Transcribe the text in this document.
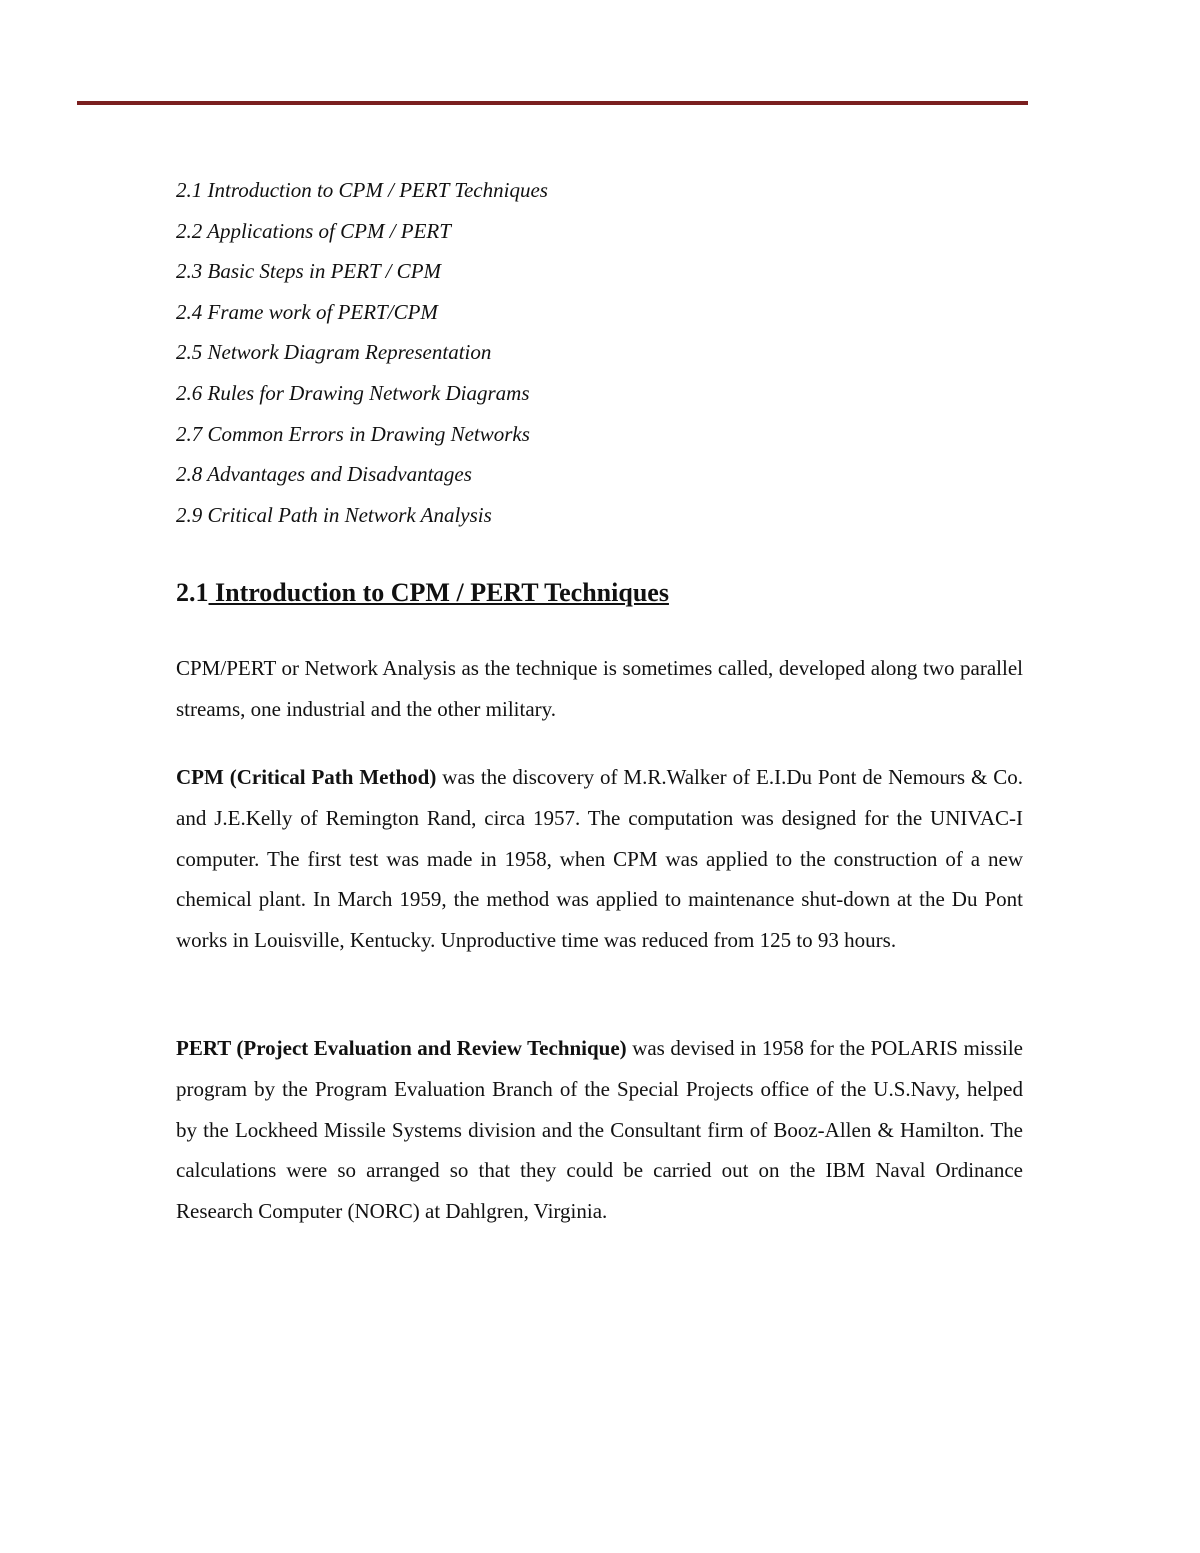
2.1 Introduction to CPM / PERT Techniques
2.2 Applications of CPM / PERT
2.3 Basic Steps in PERT / CPM
2.4 Frame work of PERT/CPM
2.5 Network Diagram Representation
2.6 Rules for Drawing Network Diagrams
2.7 Common Errors in Drawing Networks
2.8 Advantages and Disadvantages
2.9 Critical Path in Network Analysis
2.1 Introduction to CPM / PERT Techniques

CPM/PERT or Network Analysis as the technique is sometimes called, developed along two parallel streams, one industrial and the other military.

CPM (Critical Path Method) was the discovery of M.R.Walker of E.I.Du Pont de Nemours & Co. and J.E.Kelly of Remington Rand, circa 1957. The computation was designed for the UNIVAC-I computer. The first test was made in 1958, when CPM was applied to the construction of a new chemical plant. In March 1959, the method was applied to maintenance shut-down at the Du Pont works in Louisville, Kentucky. Unproductive time was reduced from 125 to 93 hours.

PERT (Project Evaluation and Review Technique) was devised in 1958 for the POLARIS missile program by the Program Evaluation Branch of the Special Projects office of the U.S.Navy, helped by the Lockheed Missile Systems division and the Consultant firm of Booz-Allen & Hamilton. The calculations were so arranged so that they could be carried out on the IBM Naval Ordinance Research Computer (NORC) at Dahlgren, Virginia.
